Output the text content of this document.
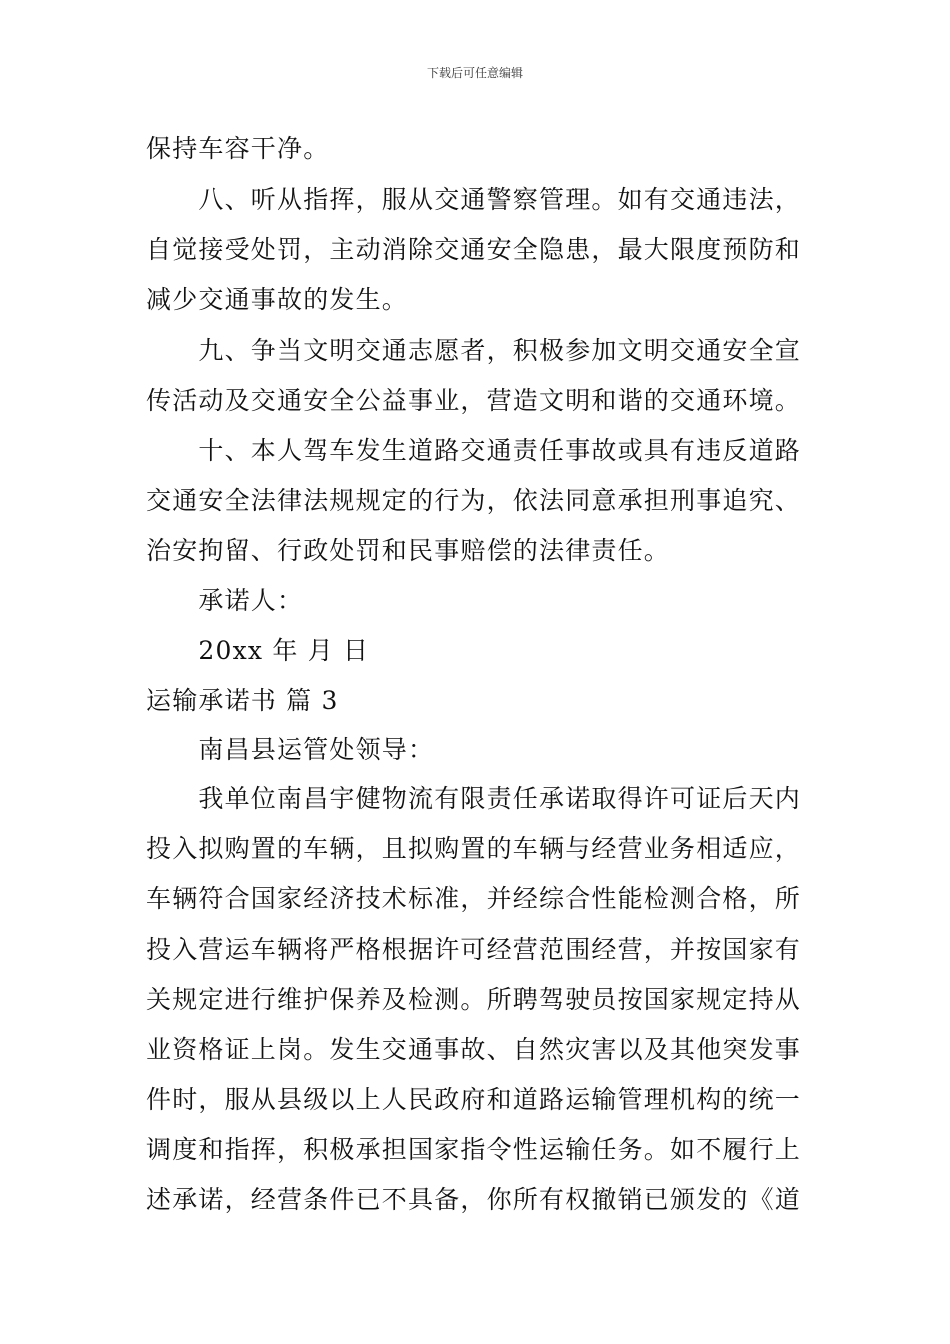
下载后可任意编辑
保持车容干净。
　　八、听从指挥，服从交通警察管理。如有交通违法，
自觉接受处罚，主动消除交通安全隐患，最大限度预防和
减少交通事故的发生。
　　九、争当文明交通志愿者，积极参加文明交通安全宣
传活动及交通安全公益事业，营造文明和谐的交通环境。
　　十、本人驾车发生道路交通责任事故或具有违反道路
交通安全法律法规规定的行为，依法同意承担刑事追究、
治安拘留、行政处罚和民事赔偿的法律责任。
　　承诺人：
　　20xx 年 月 日
运输承诺书 篇 3
　　南昌县运管处领导：
　　我单位南昌宇健物流有限责任承诺取得许可证后天内
投入拟购置的车辆，且拟购置的车辆与经营业务相适应，
车辆符合国家经济技术标准，并经综合性能检测合格，所
投入营运车辆将严格根据许可经营范围经营，并按国家有
关规定进行维护保养及检测。所聘驾驶员按国家规定持从
业资格证上岗。发生交通事故、自然灾害以及其他突发事
件时，服从县级以上人民政府和道路运输管理机构的统一
调度和指挥，积极承担国家指令性运输任务。如不履行上
述承诺，经营条件已不具备，你所有权撤销已颁发的《道
